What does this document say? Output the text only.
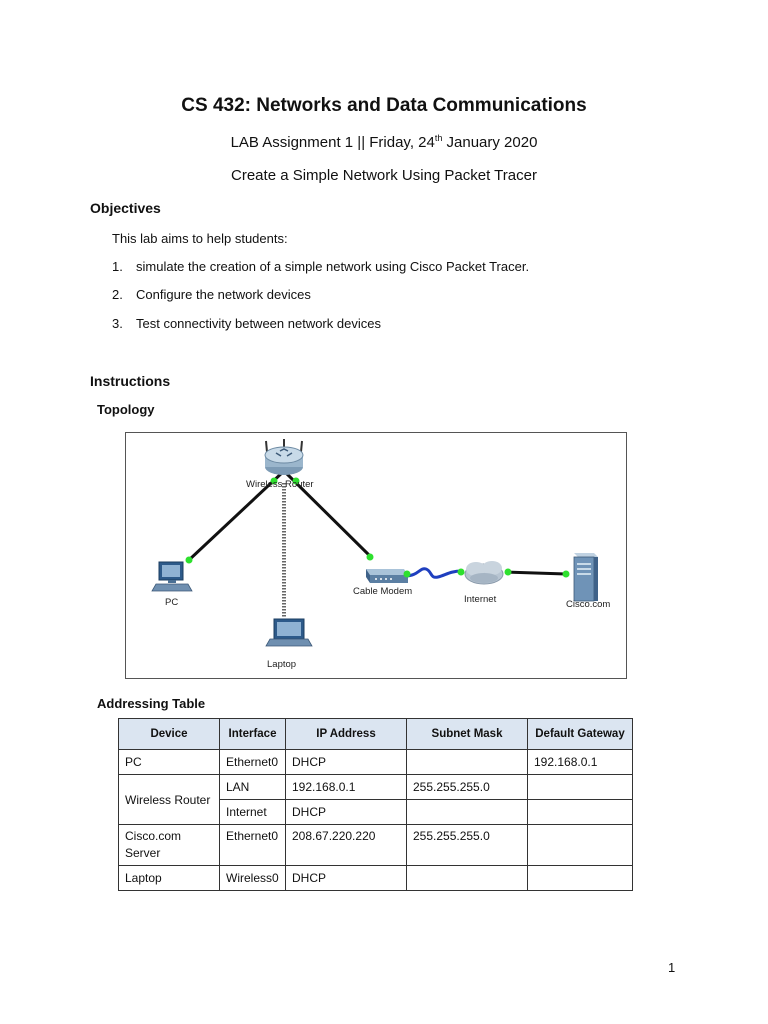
CS 432: Networks and Data Communications
LAB Assignment 1 || Friday, 24th January 2020
Create a Simple Network Using Packet Tracer
Objectives
This lab aims to help students:
1. simulate the creation of a simple network using Cisco Packet Tracer.
2. Configure the network devices
3. Test connectivity between network devices
Instructions
Topology
Wireless Router
PC
Cable Modem
Internet	Cisco.com
Laptop
Addressing Table
Device	Interface	IP Address	Subnet Mask	Default Gateway
PC	Ethernet0	DHCP		192.168.0.1
Wireless Router	LAN	192.168.0.1	255.255.255.0	
	Internet	DHCP		
Cisco.com Server	Ethernet0	208.67.220.220	255.255.255.0	
Laptop	Wireless0	DHCP		
1
